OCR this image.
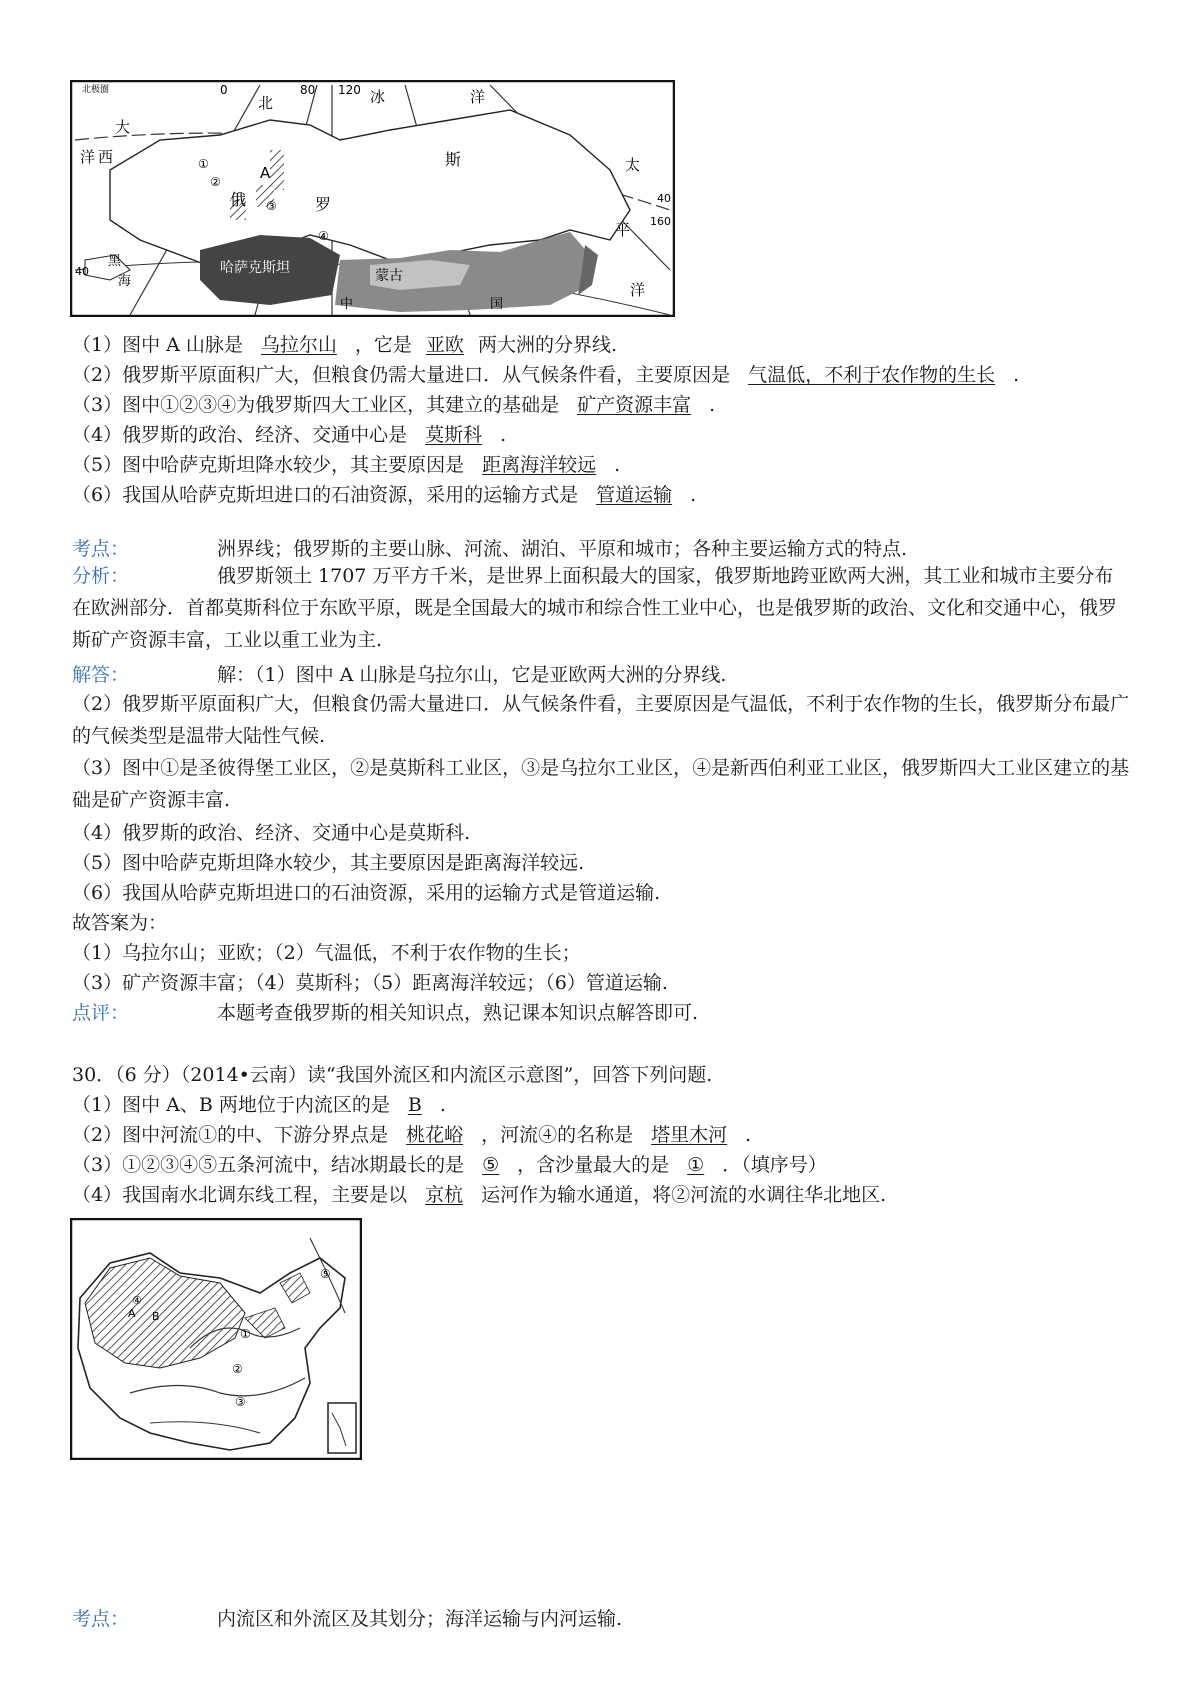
北极圈	0	80 120
西
大
洋
北	冰	洋
俄	罗
斯
A	太
平
洋
40
160
40
黑
海
哈萨克斯坦	蒙古
中	国
①
②
③
④
（1）图中 A 山脉是 乌拉尔山 ，它是 亚欧 两大洲的分界线.
（2）俄罗斯平原面积广大，但粮食仍需大量进口．从气候条件看，主要原因是 气温低，不利于农作物的生长 .
（3）图中①②③④为俄罗斯四大工业区，其建立的基础是 矿产资源丰富 .
（4）俄罗斯的政治、经济、交通中心是 莫斯科 .
（5）图中哈萨克斯坦降水较少，其主要原因是 距离海洋较远 .
（6）我国从哈萨克斯坦进口的石油资源，采用的运输方式是 管道运输 .
考点：	洲界线；俄罗斯的主要山脉、河流、湖泊、平原和城市；各种主要运输方式的特点.
分析：	俄罗斯领土 1707 万平方千米，是世界上面积最大的国家，俄罗斯地跨亚欧两大洲，其工业和城市主要分布在欧洲部分．首都莫斯科位于东欧平原，既是全国最大的城市和综合性工业中心，也是俄罗斯的政治、文化和交通中心，俄罗斯矿产资源丰富，工业以重工业为主.
解答：	解：（1）图中 A 山脉是乌拉尔山，它是亚欧两大洲的分界线.
（2）俄罗斯平原面积广大，但粮食仍需大量进口．从气候条件看，主要原因是气温低，不利于农作物的生长，俄罗斯分布最广的气候类型是温带大陆性气候.
（3）图中①是圣彼得堡工业区，②是莫斯科工业区，③是乌拉尔工业区，④是新西伯利亚工业区，俄罗斯四大工业区建立的基础是矿产资源丰富.
（4）俄罗斯的政治、经济、交通中心是莫斯科.
（5）图中哈萨克斯坦降水较少，其主要原因是距离海洋较远.
（6）我国从哈萨克斯坦进口的石油资源，采用的运输方式是管道运输.
故答案为：
（1）乌拉尔山；亚欧；（2）气温低，不利于农作物的生长；
（3）矿产资源丰富；（4）莫斯科；（5）距离海洋较远；（6）管道运输.
点评：	本题考查俄罗斯的相关知识点，熟记课本知识点解答即可.
30．（6 分）（2014•云南）读“我国外流区和内流区示意图”，回答下列问题.
（1）图中 A、B 两地位于内流区的是 B .
（2）图中河流①的中、下游分界点是 桃花峪 ，河流④的名称是 塔里木河 .
（3）①②③④⑤五条河流中，结冰期最长的是 ⑤ ，含沙量最大的是 ① ．（填序号）
（4）我国南水北调东线工程，主要是以 京杭 运河作为输水通道，将②河流的水调往华北地区.
④
A B
①
②
③
⑤
考点：	内流区和外流区及其划分；海洋运输与内河运输.
